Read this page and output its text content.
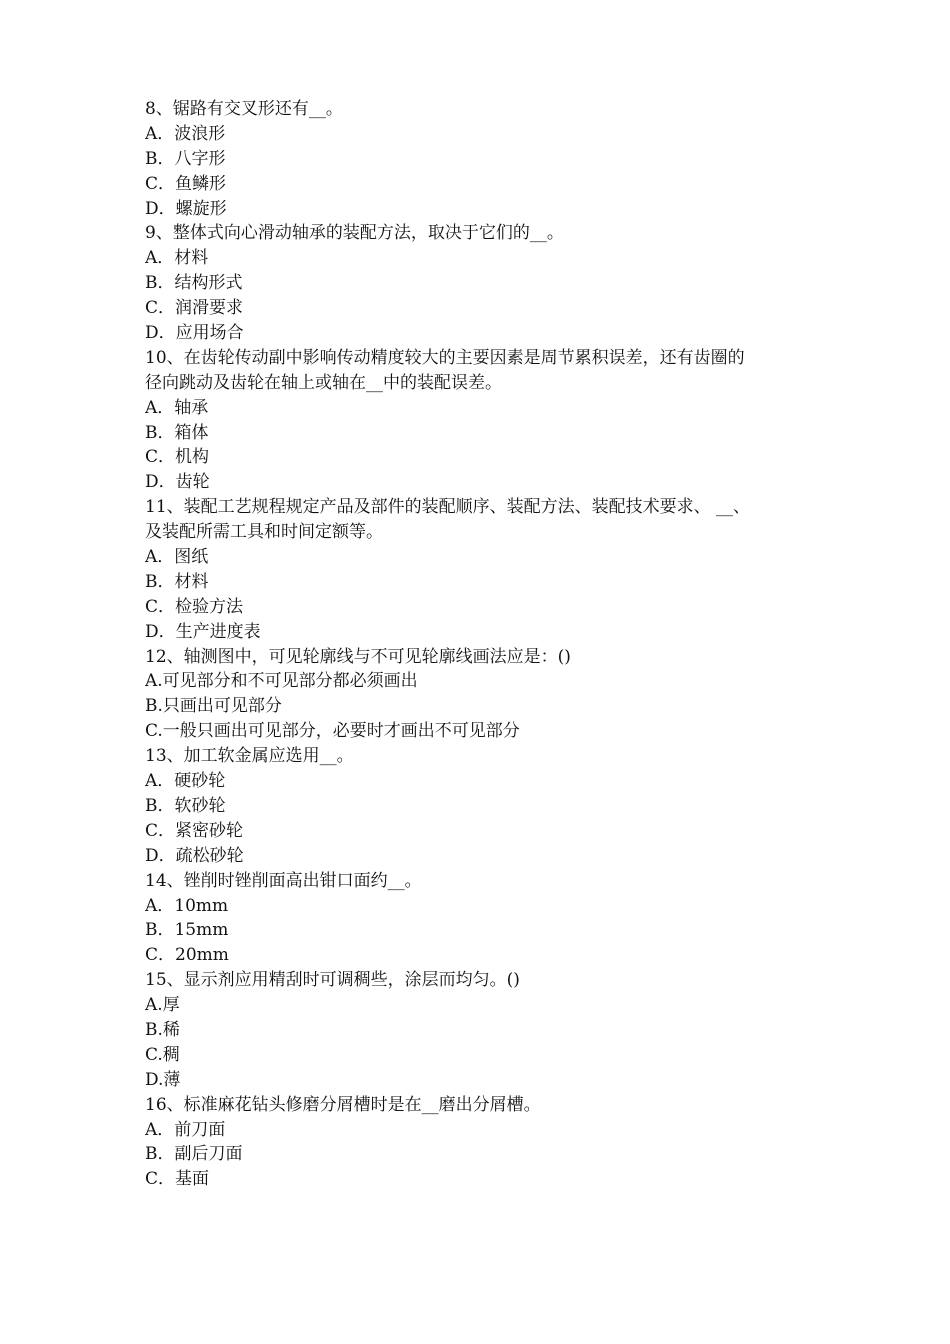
8、锯路有交叉形还有__。
A．波浪形
B．八字形
C．鱼鳞形
D．螺旋形
9、整体式向心滑动轴承的装配方法，取决于它们的__。
A．材料
B．结构形式
C．润滑要求
D．应用场合
10、在齿轮传动副中影响传动精度较大的主要因素是周节累积误差，还有齿圈的
径向跳动及齿轮在轴上或轴在__中的装配误差。
A．轴承
B．箱体
C．机构
D．齿轮
11、装配工艺规程规定产品及部件的装配顺序、装配方法、装配技术要求、 __、
及装配所需工具和时间定额等。
A．图纸
B．材料
C．检验方法
D．生产进度表
12、轴测图中，可见轮廓线与不可见轮廓线画法应是：()
A.可见部分和不可见部分都必须画出
B.只画出可见部分
C.一般只画出可见部分，必要时才画出不可见部分
13、加工软金属应选用__。
A．硬砂轮
B．软砂轮
C．紧密砂轮
D．疏松砂轮
14、锉削时锉削面高出钳口面约__。
A．10mm
B．15mm
C．20mm
15、显示剂应用精刮时可调稠些，涂层而均匀。()
A.厚
B.稀
C.稠
D.薄
16、标准麻花钻头修磨分屑槽时是在__磨出分屑槽。
A．前刀面
B．副后刀面
C．基面
